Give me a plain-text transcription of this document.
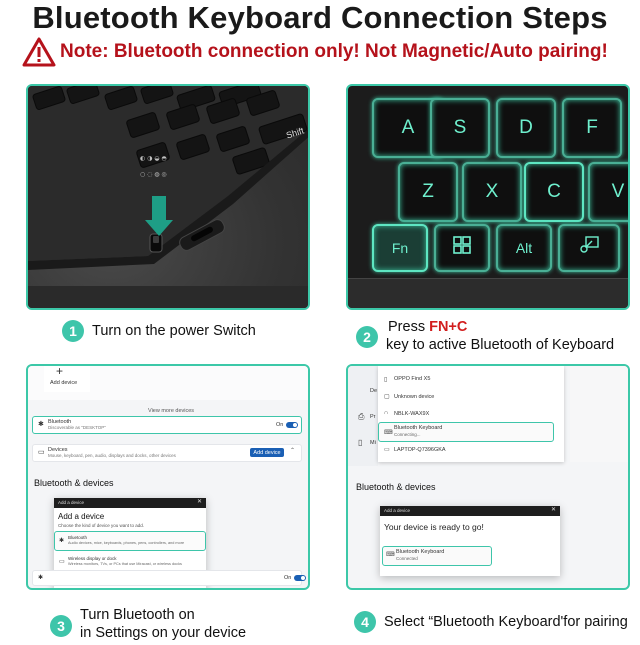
Bluetooth Keyboard Connection Steps
Note: Bluetooth connection only! Not Magnetic/Auto pairing!
◐ ◑ ◒ ◓
○ ◌ ◍ ◎
Shift	A	S	D	F
Z	X	C	V
Fn	Alt
+
Add device
View more devices
✱ Bluetooth
Discoverable as "DESKTOP"	On
▭ Devices
Mouse, keyboard, pen, audio, displays and docks, other devices	Add device	⌃
Bluetooth & devices
Add a device	✕
Add a device
Choose the kind of device you want to add.
✱
Bluetooth
Audio devices, mice, keyboards, phones, pens, controllers, and more
▭
Wireless display or dock
Wireless monitors, TVs, or PCs that use Miracast, or wireless docks
✱	On
De
⎙ Pr
▯ Mi
▯ OPPO Find X5
▢ Unknown device
∩ NBLK-WAX9X
⌨
Bluetooth Keyboard
Connecting...
▭ LAPTOP-Q7396GKA
Bluetooth & devices
Add a device	✕
Your device is ready to go!
⌨ Bluetooth Keyboard
Connected
1	Turn on the power Switch	2
Press FN+C
key to active Bluetooth of Keyboard
3
Turn Bluetooth on
in Settings on your device
4	Select “Bluetooth Keyboard'for pairing
